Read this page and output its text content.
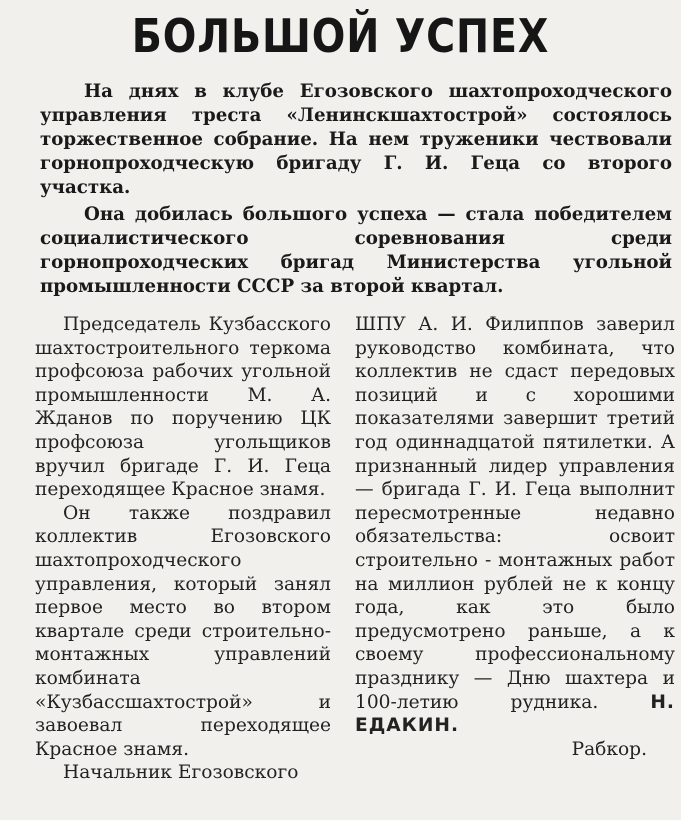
БОЛЬШОЙ УСПЕХ

На днях в клубе Егозовского шахтопроходческого управления треста «Ленинскшахтострой» состоялось торжественное собрание. На нем труженики чествовали горнопроходческую бригаду Г. И. Геца со второго участка.

Она добилась большого успеха — стала победителем социалистического соревнования среди горнопроходческих бригад Министерства угольной промышленности СССР за второй квартал.

Председатель Кузбасского шахтостроительного теркома профсоюза рабочих угольной промышленности М. А. Жданов по поручению ЦК профсоюза угольщиков вручил бригаде Г. И. Геца переходящее Красное знамя.

Он также поздравил коллектив Егозовского шахтопроходческого управления, который занял первое место во втором квартале среди строительно-монтажных управлений комбината «Кузбассшахтострой» и завоевал переходящее Красное знамя.

Начальник Егозовского

ШПУ А. И. Филиппов заверил руководство комбината, что коллектив не сдаст передовых позиций и с хорошими показателями завершит третий год одиннадцатой пятилетки. А признанный лидер управления — бригада Г. И. Геца выполнит пересмотренные недавно обязательства: освоит строительно - монтажных работ на миллион рублей не к концу года, как это было предусмотрено раньше, а к своему профессиональному празднику — Дню шахтера и 100-летию рудника.	Н. ЕДАКИН.

Рабкор.
